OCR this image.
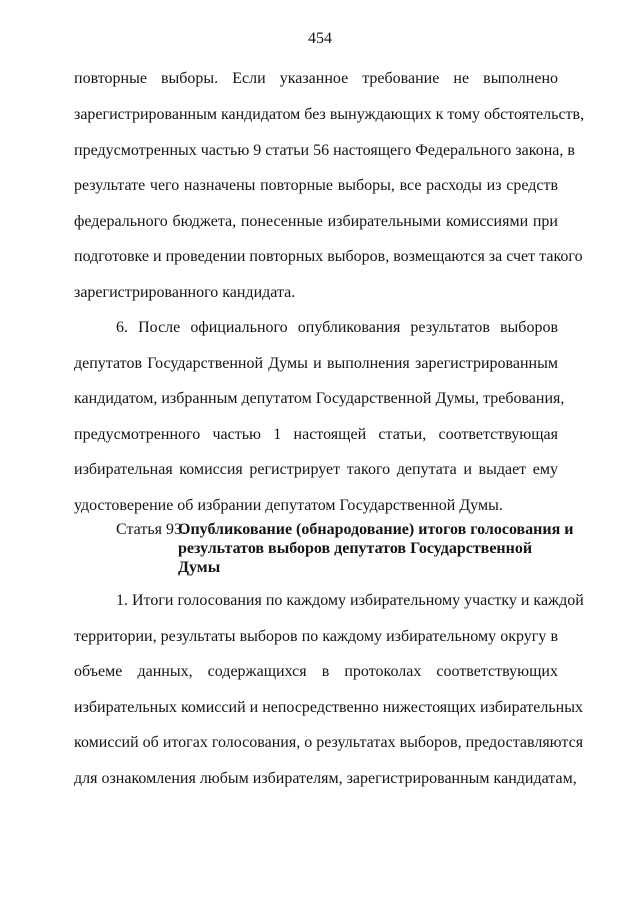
454
повторные выборы. Если указанное требование не выполнено
зарегистрированным кандидатом без вынуждающих к тому обстоятельств,
предусмотренных частью 9 статьи 56 настоящего Федерального закона, в
результате чего назначены повторные выборы, все расходы из средств
федерального бюджета, понесенные избирательными комиссиями при
подготовке и проведении повторных выборов, возмещаются за счет такого
зарегистрированного кандидата.
6. После официального опубликования результатов выборов
депутатов Государственной Думы и выполнения зарегистрированным
кандидатом, избранным депутатом Государственной Думы, требования,
предусмотренного частью 1 настоящей статьи, соответствующая
избирательная комиссия регистрирует такого депутата и выдает ему
удостоверение об избрании депутатом Государственной Думы.
Статья 93.
Опубликование (обнародование) итогов голосования и
результатов выборов депутатов Государственной
Думы
1. Итоги голосования по каждому избирательному участку и каждой
территории, результаты выборов по каждому избирательному округу в
объеме данных, содержащихся в протоколах соответствующих
избирательных комиссий и непосредственно нижестоящих избирательных
комиссий об итогах голосования, о результатах выборов, предоставляются
для ознакомления любым избирателям, зарегистрированным кандидатам,
